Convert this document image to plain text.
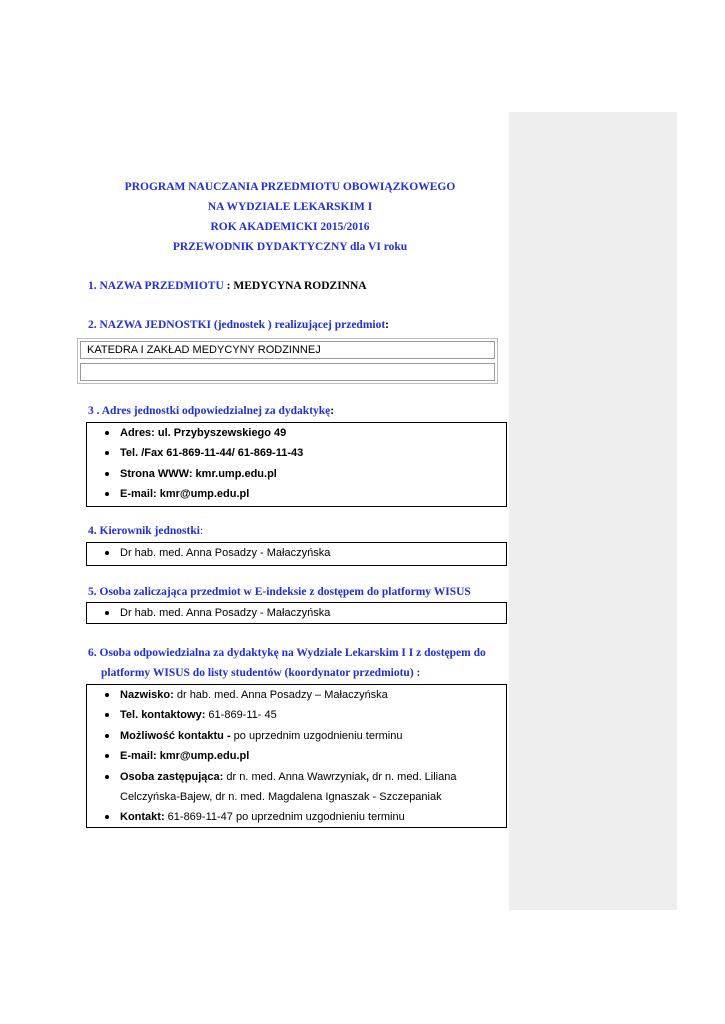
PROGRAM NAUCZANIA PRZEDMIOTU OBOWIĄZKOWEGO
NA WYDZIALE LEKARSKIM I
ROK AKADEMICKI 2015/2016
PRZEWODNIK DYDAKTYCZNY dla VI roku
1. NAZWA PRZEDMIOTU : MEDYCYNA RODZINNA
2. NAZWA JEDNOSTKI (jednostek ) realizującej przedmiot:
KATEDRA I ZAKŁAD MEDYCYNY RODZINNEJ
3 . Adres jednostki odpowiedzialnej za dydaktykę:
Adres: ul. Przybyszewskiego 49
Tel. /Fax 61-869-11-44/ 61-869-11-43
Strona WWW: kmr.ump.edu.pl
E-mail: kmr@ump.edu.pl
4. Kierownik jednostki:
Dr hab. med. Anna Posadzy - Małaczyńska
5. Osoba zaliczająca przedmiot w E-indeksie z dostępem do platformy WISUS
Dr hab. med. Anna Posadzy - Małaczyńska
6. Osoba odpowiedzialna za dydaktykę na Wydziale Lekarskim I I z dostępem do
platformy WISUS do listy studentów (koordynator przedmiotu) :
Nazwisko: dr hab. med. Anna Posadzy – Małaczyńska
Tel. kontaktowy: 61-869-11- 45
Możliwość kontaktu - po uprzednim uzgodnieniu terminu
E-mail: kmr@ump.edu.pl
Osoba zastępująca: dr n. med. Anna Wawrzyniak, dr n. med. Liliana
Celczyńska-Bajew, dr n. med. Magdalena Ignaszak - Szczepaniak
Kontakt: 61-869-11-47 po uprzednim uzgodnieniu terminu
